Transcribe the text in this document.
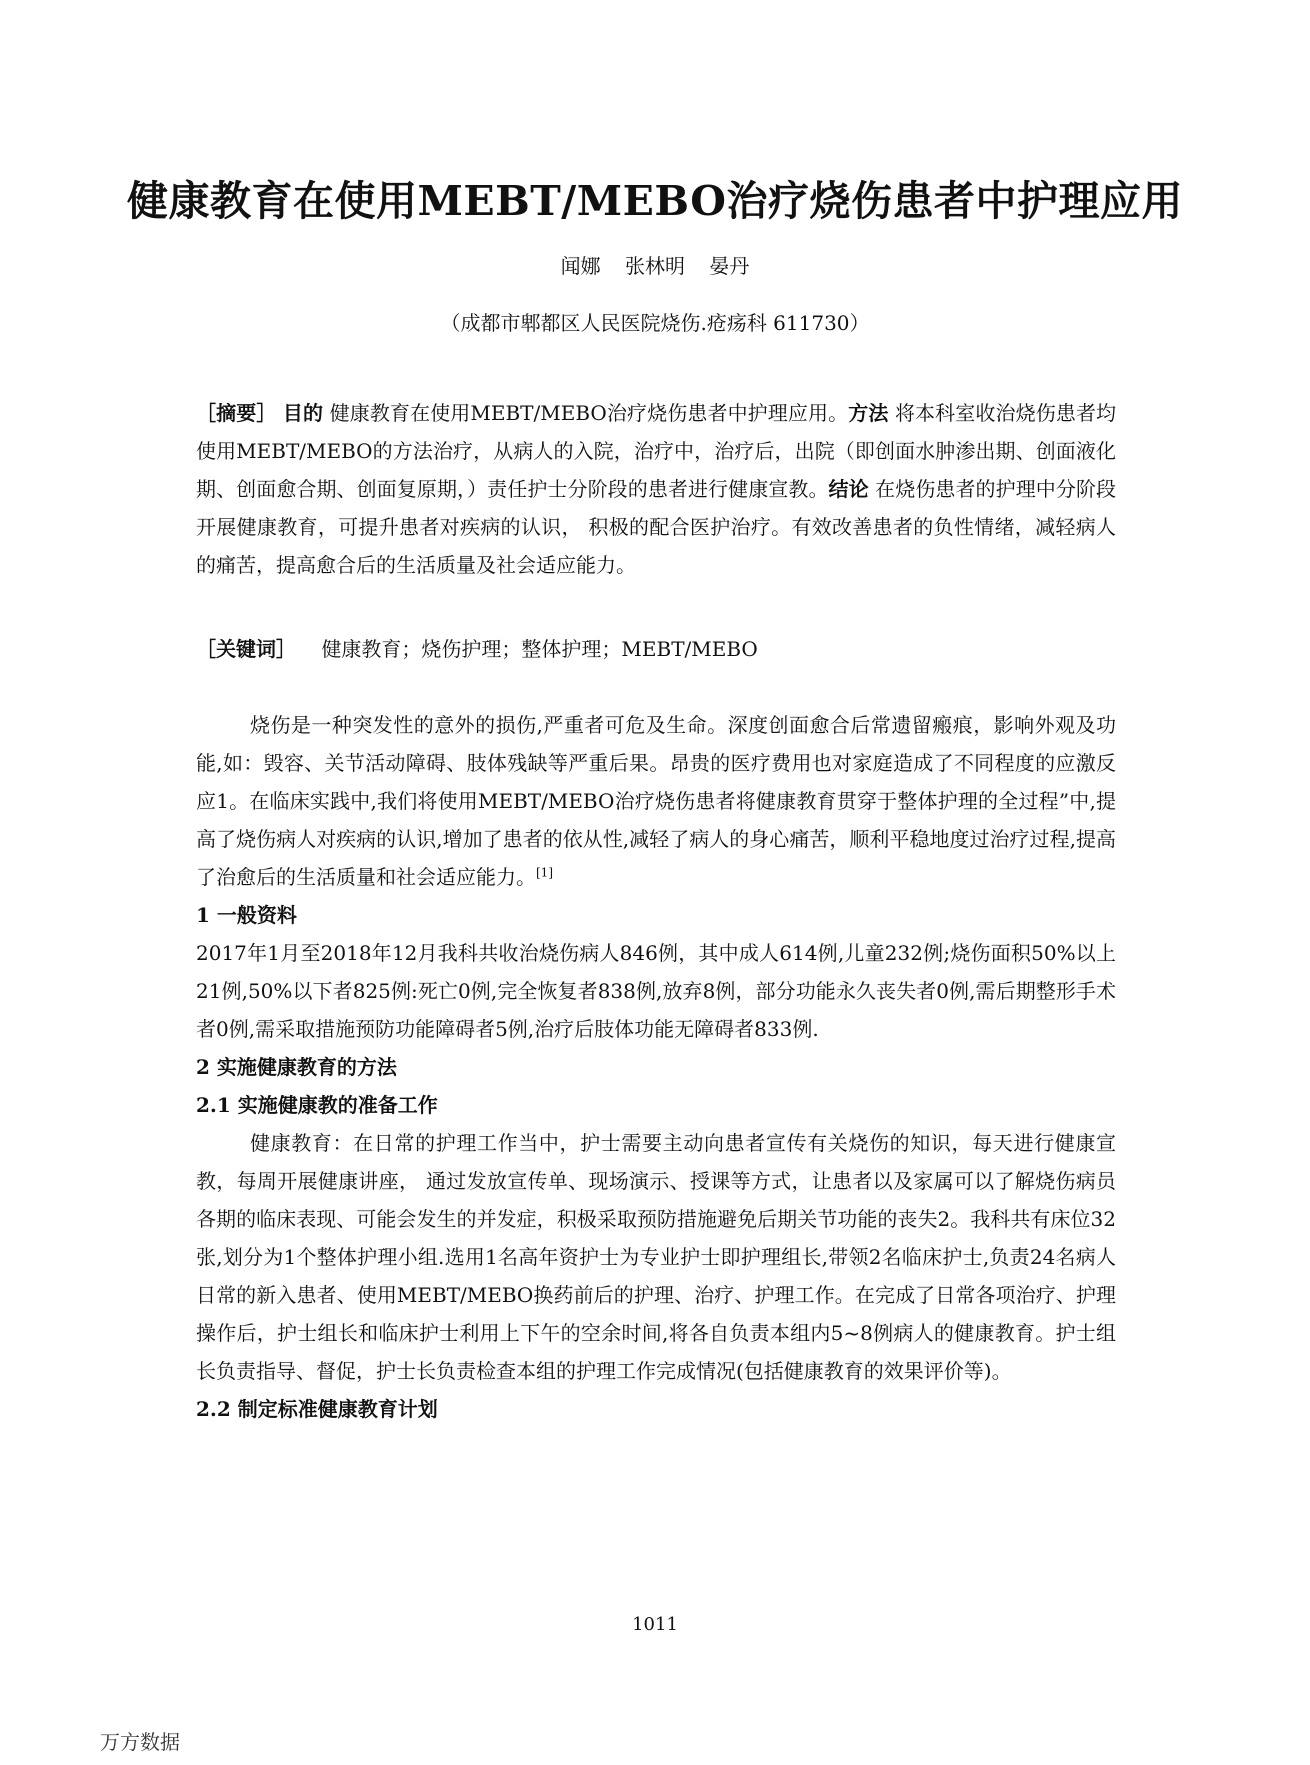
健康教育在使用MEBT/MEBO治疗烧伤患者中护理应用
闻娜 张林明 晏丹
（成都市郫都区人民医院烧伤.疮疡科 611730）
［摘要］ 目的 健康教育在使用MEBT/MEBO治疗烧伤患者中护理应用。方法 将本科室收治烧伤患者均使用MEBT/MEBO的方法治疗，从病人的入院，治疗中，治疗后，出院（即创面水肿渗出期、创面液化期、创面愈合期、创面复原期，）责任护士分阶段的患者进行健康宣教。结论 在烧伤患者的护理中分阶段开展健康教育，可提升患者对疾病的认识， 积极的配合医护治疗。有效改善患者的负性情绪，减轻病人的痛苦，提高愈合后的生活质量及社会适应能力。
［关键词］ 健康教育；烧伤护理；整体护理；MEBT/MEBO

烧伤是一种突发性的意外的损伤,严重者可危及生命。深度创面愈合后常遗留瘢痕，影响外观及功能,如：毁容、关节活动障碍、肢体残缺等严重后果。昂贵的医疗费用也对家庭造成了不同程度的应激反应1。在临床实践中,我们将使用MEBT/MEBO治疗烧伤患者将健康教育贯穿于整体护理的全过程”中,提高了烧伤病人对疾病的认识,增加了患者的依从性,减轻了病人的身心痛苦，顺利平稳地度过治疗过程,提高了治愈后的生活质量和社会适应能力。[1]

1 一般资料

2017年1月至2018年12月我科共收治烧伤病人846例，其中成人614例,儿童232例;烧伤面积50%以上21例,50%以下者825例:死亡0例,完全恢复者838例,放弃8例，部分功能永久丧失者0例,需后期整形手术者0例,需采取措施预防功能障碍者5例,治疗后肢体功能无障碍者833例.

2 实施健康教育的方法

2.1 实施健康教的准备工作

健康教育：在日常的护理工作当中，护士需要主动向患者宣传有关烧伤的知识，每天进行健康宣教，每周开展健康讲座， 通过发放宣传单、现场演示、授课等方式，让患者以及家属可以了解烧伤病员各期的临床表现、可能会发生的并发症，积极采取预防措施避免后期关节功能的丧失2。我科共有床位32张,划分为1个整体护理小组.选用1名高年资护士为专业护士即护理组长,带领2名临床护士,负责24名病人日常的新入患者、使用MEBT/MEBO换药前后的护理、治疗、护理工作。在完成了日常各项治疗、护理操作后，护士组长和临床护士利用上下午的空余时间,将各自负责本组内5~8例病人的健康教育。护士组长负责指导、督促，护士长负责检查本组的护理工作完成情况(包括健康教育的效果评价等)。

2.2 制定标准健康教育计划

1011
万方数据
